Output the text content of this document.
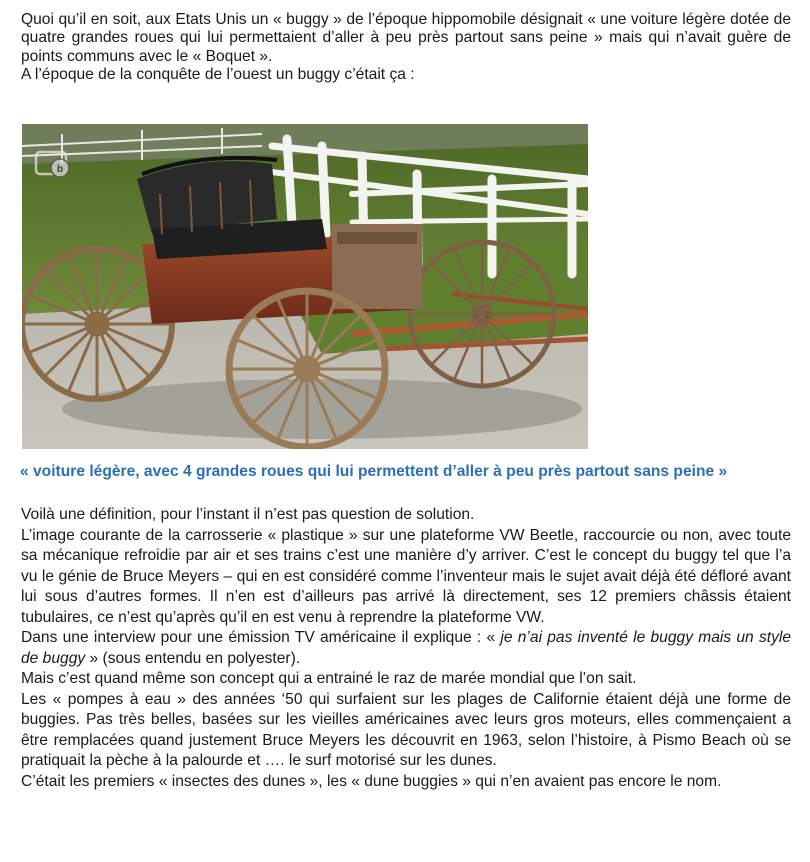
Quoi qu’il en soit, aux Etats Unis un « buggy » de l’époque hippomobile désignait « une voiture légère dotée de quatre grandes roues qui lui permettaient d’aller à peu près partout sans peine » mais qui n’avait guère de points communs avec le « Boquet ».

A l’époque de la conquête de l’ouest un buggy c’était ça :

b
« voiture légère, avec 4 grandes roues qui lui permettent d’aller à peu près partout sans peine »

Voilà une définition, pour l’instant il n’est pas question de solution.

L’image courante de la carrosserie « plastique » sur une plateforme VW Beetle, raccourcie ou non, avec toute sa mécanique refroidie par air et ses trains c’est une manière d’y arriver. C’est le concept du buggy tel que l’a vu le génie de Bruce Meyers – qui en est considéré comme l’inventeur mais le sujet avait déjà été défloré avant lui sous d’autres formes. Il n’en est d’ailleurs pas arrivé là directement, ses 12 premiers châssis étaient tubulaires, ce n’est qu’après qu’il en est venu à reprendre la plateforme VW.

Dans une interview pour une émission TV américaine il explique : « je n’ai pas inventé le buggy mais un style de buggy » (sous entendu en polyester).

Mais c’est quand même son concept qui a entrainé le raz de marée mondial que l’on sait.

Les « pompes à eau » des années ‘50 qui surfaient sur les plages de Californie étaient déjà une forme de buggies. Pas très belles, basées sur les vieilles américaines avec leurs gros moteurs, elles commençaient a être remplacées quand justement Bruce Meyers les découvrit en 1963, selon l’histoire, à Pismo Beach où se pratiquait la pèche à la palourde et …. le surf motorisé sur les dunes.

C’était les premiers « insectes des dunes », les « dune buggies » qui n’en avaient pas encore le nom.
